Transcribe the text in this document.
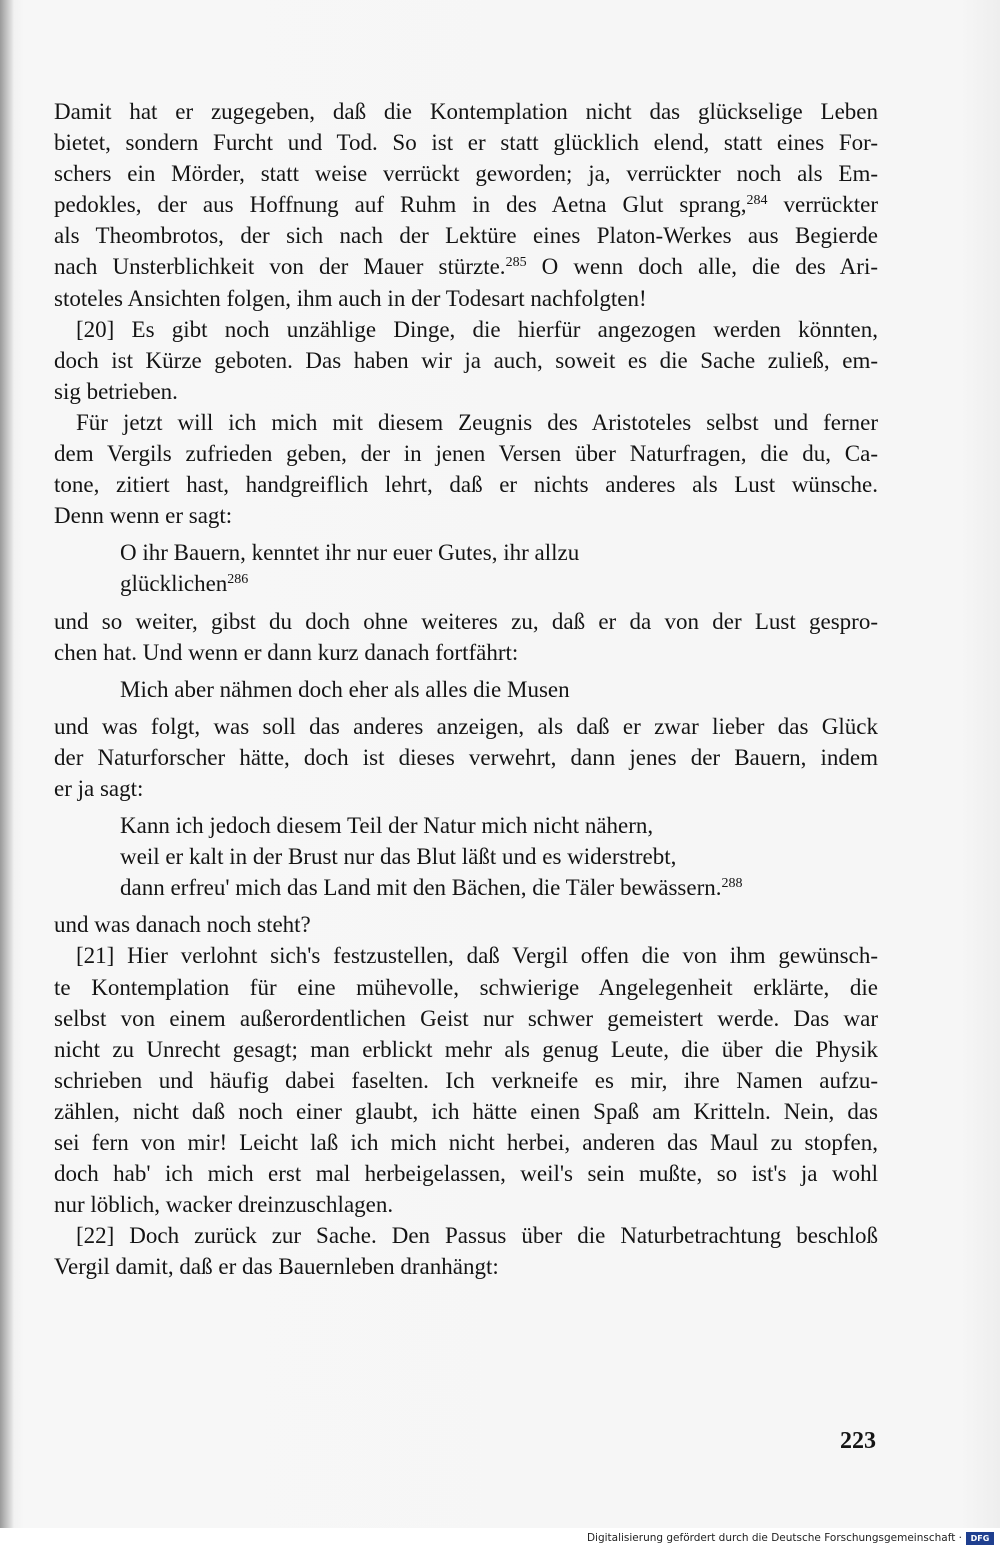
Damit hat er zugegeben, daß die Kontemplation nicht das glückselige Leben
bietet, sondern Furcht und Tod. So ist er statt glücklich elend, statt eines For-
schers ein Mörder, statt weise verrückt geworden; ja, verrückter noch als Em-
pedokles, der aus Hoffnung auf Ruhm in des Aetna Glut sprang,$^{284}$ verrückter
als Theombrotos, der sich nach der Lektüre eines Platon-Werkes aus Begierde
nach Unsterblichkeit von der Mauer stürzte.$^{285}$ O wenn doch alle, die des Ari-
stoteles Ansichten folgen, ihm auch in der Todesart nachfolgten!
[20] Es gibt noch unzählige Dinge, die hierfür angezogen werden könnten,
doch ist Kürze geboten. Das haben wir ja auch, soweit es die Sache zuließ, em-
sig betrieben.
Für jetzt will ich mich mit diesem Zeugnis des Aristoteles selbst und ferner
dem Vergils zufrieden geben, der in jenen Versen über Naturfragen, die du, Ca-
tone, zitiert hast, handgreiflich lehrt, daß er nichts anderes als Lust wünsche.
Denn wenn er sagt:
O ihr Bauern, kenntet ihr nur euer Gutes, ihr allzu
glücklichen$^{286}$
und so weiter, gibst du doch ohne weiteres zu, daß er da von der Lust gespro-
chen hat. Und wenn er dann kurz danach fortfährt:
Mich aber nähmen doch eher als alles die Musen
und was folgt, was soll das anderes anzeigen, als daß er zwar lieber das Glück
der Naturforscher hätte, doch ist dieses verwehrt, dann jenes der Bauern, indem
er ja sagt:
Kann ich jedoch diesem Teil der Natur mich nicht nähern,
weil er kalt in der Brust nur das Blut läßt und es widerstrebt,
dann erfreu' mich das Land mit den Bächen, die Täler bewässern.$^{288}$
und was danach noch steht?
[21] Hier verlohnt sich's festzustellen, daß Vergil offen die von ihm gewünsch-
te Kontemplation für eine mühevolle, schwierige Angelegenheit erklärte, die
selbst von einem außerordentlichen Geist nur schwer gemeistert werde. Das war
nicht zu Unrecht gesagt; man erblickt mehr als genug Leute, die über die Physik
schrieben und häufig dabei faselten. Ich verkneife es mir, ihre Namen aufzu-
zählen, nicht daß noch einer glaubt, ich hätte einen Spaß am Kritteln. Nein, das
sei fern von mir! Leicht laß ich mich nicht herbei, anderen das Maul zu stopfen,
doch hab' ich mich erst mal herbeigelassen, weil's sein mußte, so ist's ja wohl
nur löblich, wacker dreinzuschlagen.
[22] Doch zurück zur Sache. Den Passus über die Naturbetrachtung beschloß
Vergil damit, daß er das Bauernleben dranhängt:
223
Digitalisierung gefördert durch die Deutsche Forschungsgemeinschaft ·	DFG
